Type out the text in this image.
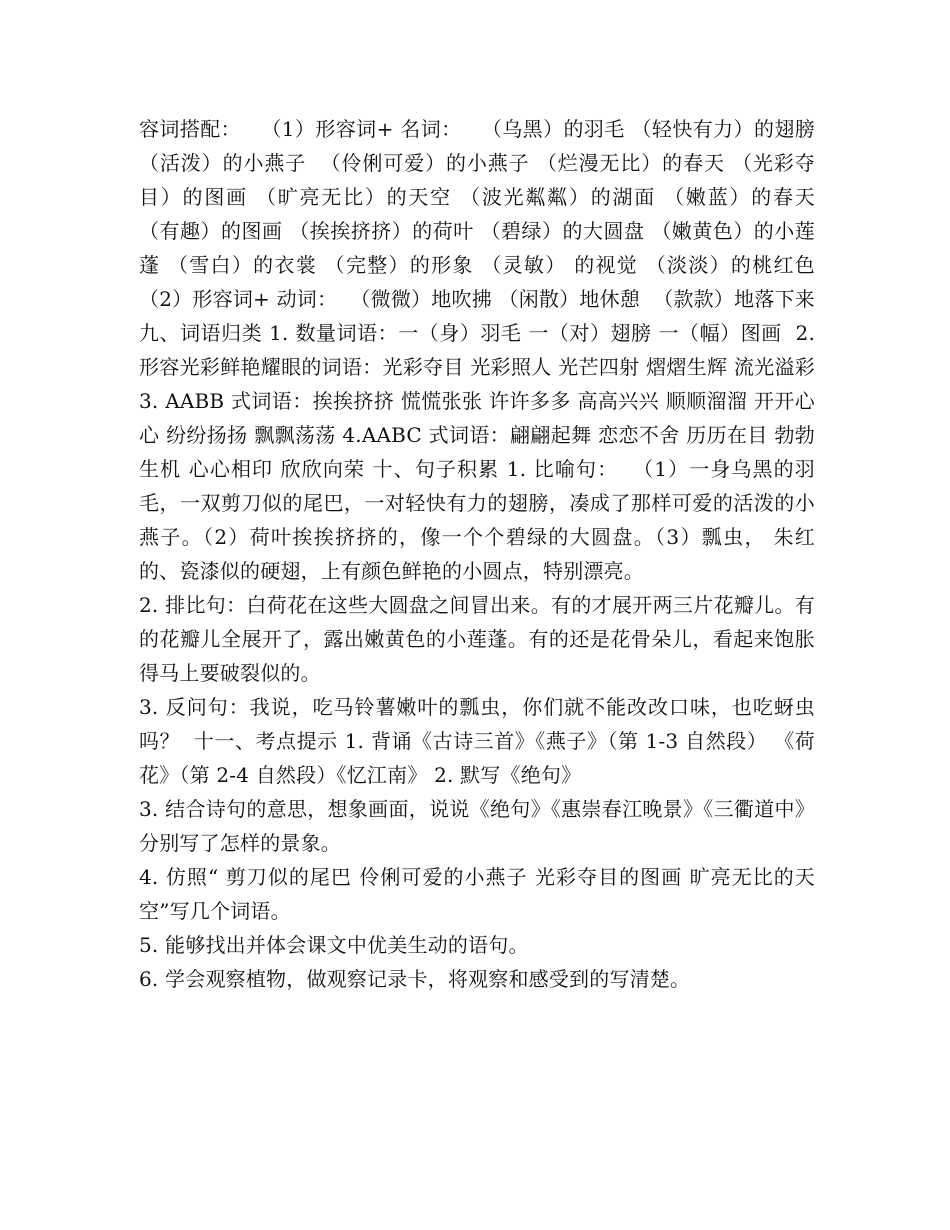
容词搭配：   （1）形容词+ 名词：   （乌黑）的羽毛 （轻快有力）的翅膀 （活泼）的小燕子  （伶俐可爱）的小燕子 （烂漫无比）的春天 （光彩夺目）的图画 （旷亮无比）的天空 （波光粼粼）的湖面 （嫩蓝）的春天  （有趣）的图画 （挨挨挤挤）的荷叶 （碧绿）的大圆盘 （嫩黄色）的小莲蓬 （雪白）的衣裳 （完整）的形象 （灵敏） 的视觉 （淡淡）的桃红色  （2）形容词+ 动词：  （微微）地吹拂 （闲散）地休憩  （款款）地落下来 九、词语归类 1. 数量词语：一（身）羽毛 一（对）翅膀 一（幅）图画  2. 形容光彩鲜艳耀眼的词语：光彩夺目 光彩照人 光芒四射 熠熠生辉 流光溢彩  3. AABB 式词语：挨挨挤挤 慌慌张张 许许多多 高高兴兴 顺顺溜溜 开开心心 纷纷扬扬 飘飘荡荡 4.AABC 式词语：翩翩起舞 恋恋不舍 历历在目 勃勃生机 心心相印 欣欣向荣 十、句子积累 1. 比喻句：  （1）一身乌黑的羽毛，一双剪刀似的尾巴，一对轻快有力的翅膀，凑成了那样可爱的活泼的小燕子。（2）荷叶挨挨挤挤的，像一个个碧绿的大圆盘。（3）瓢虫， 朱红的、瓷漆似的硬翅，上有颜色鲜艳的小圆点，特别漂亮。

2. 排比句：白荷花在这些大圆盘之间冒出来。有的才展开两三片花瓣儿。有的花瓣儿全展开了，露出嫩黄色的小莲蓬。有的还是花骨朵儿，看起来饱胀得马上要破裂似的。

3. 反问句：我说，吃马铃薯嫩叶的瓢虫，你们就不能改改口味，也吃蚜虫吗？  十一、考点提示 1. 背诵《古诗三首》《燕子》（第 1-3 自然段） 《荷花》（第 2-4 自然段）《忆江南》 2. 默写《绝句》

3. 结合诗句的意思，想象画面，说说《绝句》《惠崇春江晚景》《三衢道中》分别写了怎样的景象。

4. 仿照“ 剪刀似的尾巴 伶俐可爱的小燕子 光彩夺目的图画 旷亮无比的天空”写几个词语。

5. 能够找出并体会课文中优美生动的语句。

6. 学会观察植物，做观察记录卡，将观察和感受到的写清楚。
